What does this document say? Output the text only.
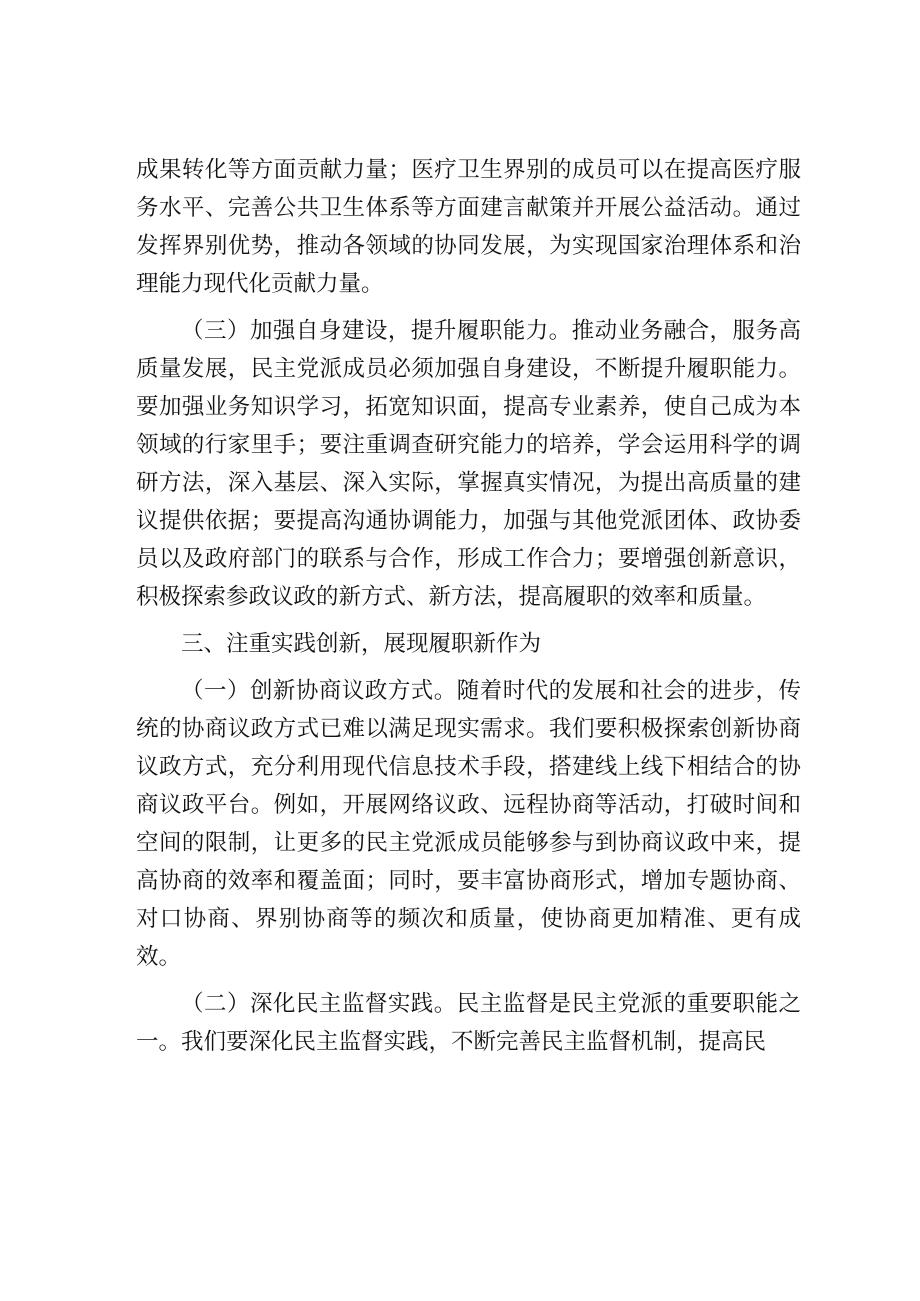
成果转化等方面贡献力量；医疗卫生界别的成员可以在提高医疗服务水平、完善公共卫生体系等方面建言献策并开展公益活动。通过发挥界别优势，推动各领域的协同发展，为实现国家治理体系和治理能力现代化贡献力量。

（三）加强自身建设，提升履职能力。推动业务融合，服务高质量发展，民主党派成员必须加强自身建设，不断提升履职能力。要加强业务知识学习，拓宽知识面，提高专业素养，使自己成为本领域的行家里手；要注重调查研究能力的培养，学会运用科学的调研方法，深入基层、深入实际，掌握真实情况，为提出高质量的建议提供依据；要提高沟通协调能力，加强与其他党派团体、政协委员以及政府部门的联系与合作，形成工作合力；要增强创新意识，积极探索参政议政的新方式、新方法，提高履职的效率和质量。

三、注重实践创新，展现履职新作为

（一）创新协商议政方式。随着时代的发展和社会的进步，传统的协商议政方式已难以满足现实需求。我们要积极探索创新协商议政方式，充分利用现代信息技术手段，搭建线上线下相结合的协商议政平台。例如，开展网络议政、远程协商等活动，打破时间和空间的限制，让更多的民主党派成员能够参与到协商议政中来，提高协商的效率和覆盖面；同时，要丰富协商形式，增加专题协商、对口协商、界别协商等的频次和质量，使协商更加精准、更有成效。

（二）深化民主监督实践。民主监督是民主党派的重要职能之一。我们要深化民主监督实践，不断完善民主监督机制，提高民
